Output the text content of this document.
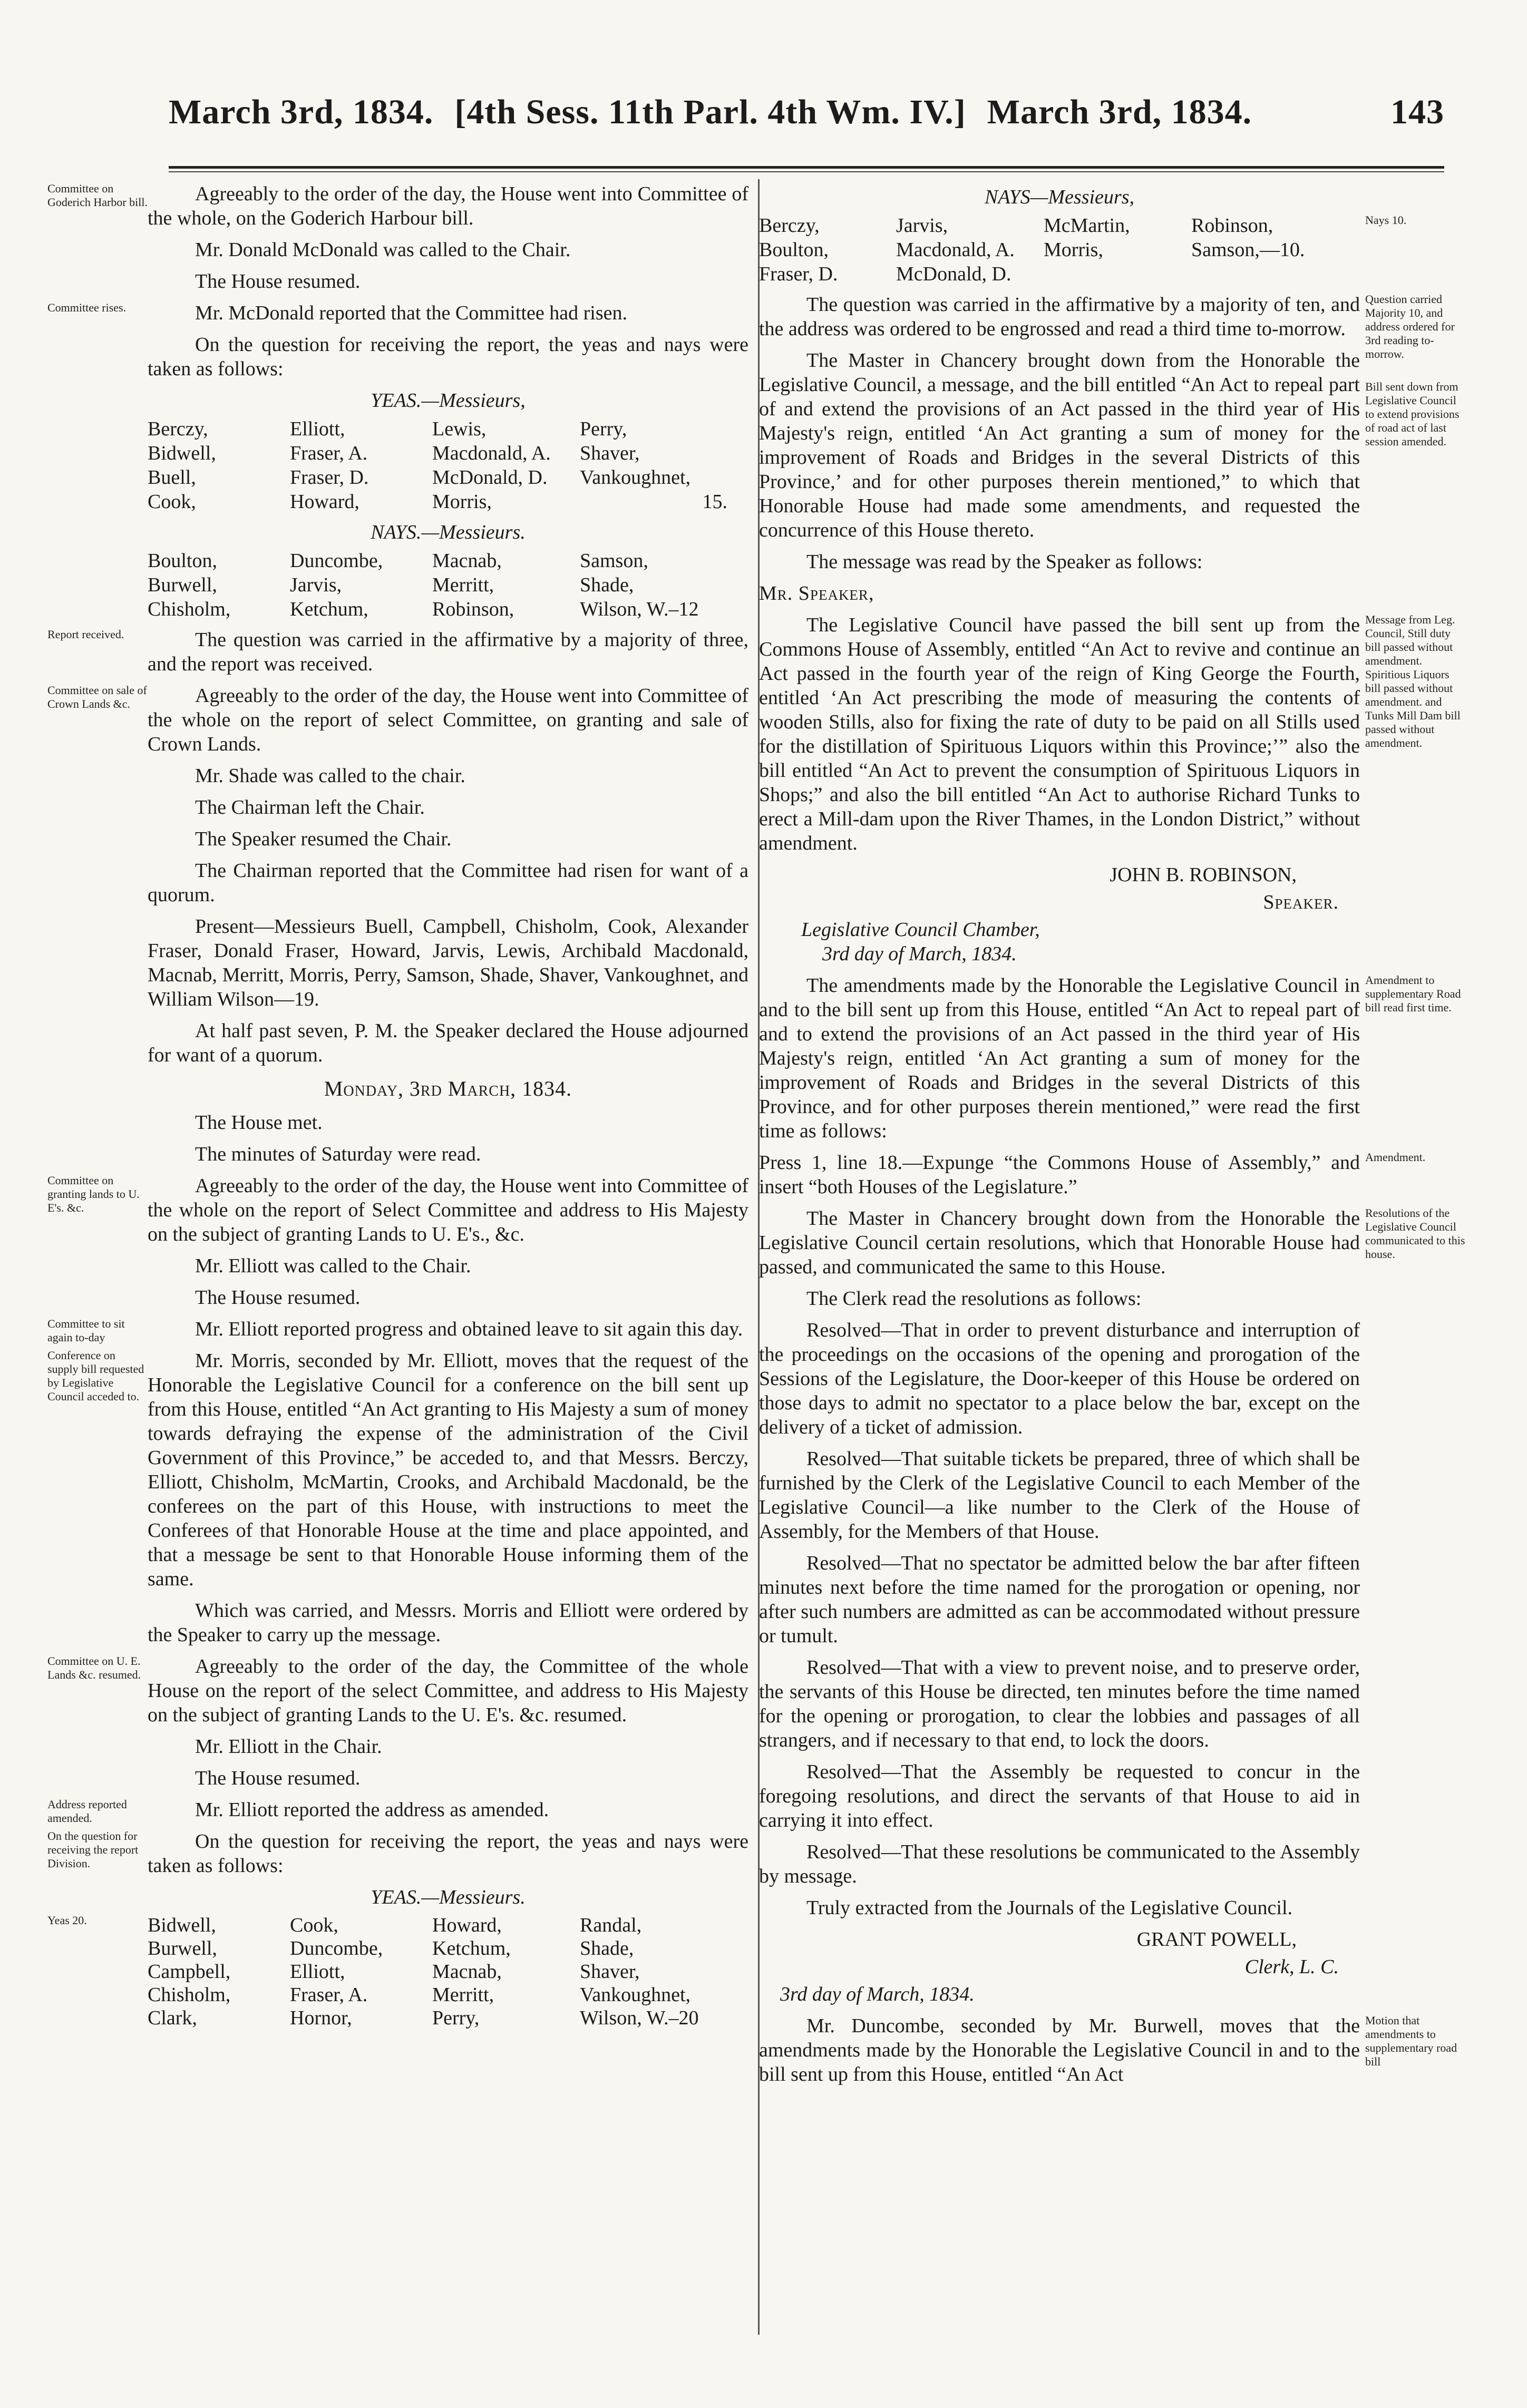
March 3rd, 1834. [4th Sess. 11th Parl. 4th Wm. IV.] March 3rd, 1834.	143
Committee on Goderich Harbor bill.	Agreeably to the order of the day, the House went into Committee of the whole, on the Goderich Harbour bill.

Mr. Donald McDonald was called to the Chair.

The House resumed.

Committee rises.	Mr. McDonald reported that the Committee had risen.

On the question for receiving the report, the yeas and nays were taken as follows:

YEAS.—Messieurs,
Berczy,	Elliott,	Lewis,	Perry,
Bidwell,	Fraser, A.	Macdonald, A.	Shaver,
Buell,	Fraser, D.	McDonald, D.	Vankoughnet,
Cook,	Howard,	Morris,	15.
NAYS.—Messieurs.
Boulton,	Duncombe,	Macnab,	Samson,
Burwell,	Jarvis,	Merritt,	Shade,
Chisholm,	Ketchum,	Robinson,	Wilson, W.–12
Report received.	The question was carried in the affirmative by a majority of three, and the report was received.

Committee on sale of Crown Lands &c.	Agreeably to the order of the day, the House went into Committee of the whole on the report of select Committee, on granting and sale of Crown Lands.

Mr. Shade was called to the chair.

The Chairman left the Chair.

The Speaker resumed the Chair.

The Chairman reported that the Committee had risen for want of a quorum.

Present—Messieurs Buell, Campbell, Chisholm, Cook, Alexander Fraser, Donald Fraser, Howard, Jarvis, Lewis, Archibald Macdonald, Macnab, Merritt, Morris, Perry, Samson, Shade, Shaver, Vankoughnet, and William Wilson—19.

At half past seven, P. M. the Speaker declared the House adjourned for want of a quorum.

Monday, 3rd March, 1834.

The House met.

The minutes of Saturday were read.

Committee on granting lands to U. E's. &c.

Agreeably to the order of the day, the House went into Committee of the whole on the report of Select Committee and address to His Majesty on the subject of granting Lands to U. E's., &c.

Mr. Elliott was called to the Chair.

The House resumed.

Committee to sit again to-day	Mr. Elliott reported progress and obtained leave to sit again this day.

Conference on supply bill requested by Legislative Council acceded to.

Mr. Morris, seconded by Mr. Elliott, moves that the request of the Honorable the Legislative Council for a conference on the bill sent up from this House, entitled “An Act granting to His Majesty a sum of money towards defraying the expense of the administration of the Civil Government of this Province,” be acceded to, and that Messrs. Berczy, Elliott, Chisholm, McMartin, Crooks, and Archibald Macdonald, be the conferees on the part of this House, with instructions to meet the Conferees of that Honorable House at the time and place appointed, and that a message be sent to that Honorable House informing them of the same.

Which was carried, and Messrs. Morris and Elliott were ordered by the Speaker to carry up the message.

Committee on U. E. Lands &c. resumed.	Agreeably to the order of the day, the Committee of the whole House on the report of the select Committee, and address to His Majesty on the subject of granting Lands to the U. E's. &c. resumed.

Mr. Elliott in the Chair.

The House resumed.

Address reported amended.	Mr. Elliott reported the address as amended.

On the question for receiving the report Division.

On the question for receiving the report, the yeas and nays were taken as follows:

YEAS.—Messieurs.
Yeas 20.	Bidwell,	Cook,	Howard,	Randal,
Burwell,	Duncombe,	Ketchum,	Shade,
Campbell,	Elliott,	Macnab,	Shaver,
Chisholm,	Fraser, A.	Merritt,	Vankoughnet,
Clark,	Hornor,	Perry,	Wilson, W.–20
NAYS—Messieurs,
Nays 10.
Berczy,	Jarvis,	McMartin,	Robinson,
Boulton,	Macdonald, A.	Morris,	Samson,—10.
Fraser, D.	McDonald, D.
Question carried Majority 10, and address ordered for 3rd reading to-morrow.

The question was carried in the affirmative by a majority of ten, and the address was ordered to be engrossed and read a third time to-morrow.

Bill sent down from Legislative Council to extend provisions of road act of last session amended.

The Master in Chancery brought down from the Honorable the Legislative Council, a message, and the bill entitled “An Act to repeal part of and extend the provisions of an Act passed in the third year of His Majesty's reign, entitled ‘An Act granting a sum of money for the improvement of Roads and Bridges in the several Districts of this Province,’ and for other purposes therein mentioned,” to which that Honorable House had made some amendments, and requested the concurrence of this House thereto.

The message was read by the Speaker as follows:

Mr. Speaker,

Message from Leg. Council, Still duty bill passed without amendment. Spiritious Liquors bill passed without amendment. and Tunks Mill Dam bill passed without amendment.

The Legislative Council have passed the bill sent up from the Commons House of Assembly, entitled “An Act to revive and continue an Act passed in the fourth year of the reign of King George the Fourth, entitled ‘An Act prescribing the mode of measuring the contents of wooden Stills, also for fixing the rate of duty to be paid on all Stills used for the distillation of Spirituous Liquors within this Province;’” also the bill entitled “An Act to prevent the consumption of Spirituous Liquors in Shops;” and also the bill entitled “An Act to authorise Richard Tunks to erect a Mill-dam upon the River Thames, in the London District,” without amendment.

JOHN B. ROBINSON,

Speaker.

Legislative Council Chamber,
3rd day of March, 1834.
Amendment to supplementary Road bill read first time.

The amendments made by the Honorable the Legislative Council in and to the bill sent up from this House, entitled “An Act to repeal part of and to extend the provisions of an Act passed in the third year of His Majesty's reign, entitled ‘An Act granting a sum of money for the improvement of Roads and Bridges in the several Districts of this Province, and for other purposes therein mentioned,” were read the first time as follows:

Amendment.

Press 1, line 18.—Expunge “the Commons House of Assembly,” and insert “both Houses of the Legislature.”

Resolutions of the Legislative Council communicated to this house.

The Master in Chancery brought down from the Honorable the Legislative Council certain resolutions, which that Honorable House had passed, and communicated the same to this House.

The Clerk read the resolutions as follows:

Resolved—That in order to prevent disturbance and interruption of the proceedings on the occasions of the opening and prorogation of the Sessions of the Legislature, the Door-keeper of this House be ordered on those days to admit no spectator to a place below the bar, except on the delivery of a ticket of admission.

Resolved—That suitable tickets be prepared, three of which shall be furnished by the Clerk of the Legislative Council to each Member of the Legislative Council—a like number to the Clerk of the House of Assembly, for the Members of that House.

Resolved—That no spectator be admitted below the bar after fifteen minutes next before the time named for the prorogation or opening, nor after such numbers are admitted as can be accommodated without pressure or tumult.

Resolved—That with a view to prevent noise, and to preserve order, the servants of this House be directed, ten minutes before the time named for the opening or prorogation, to clear the lobbies and passages of all strangers, and if necessary to that end, to lock the doors.

Resolved—That the Assembly be requested to concur in the foregoing resolutions, and direct the servants of that House to aid in carrying it into effect.

Resolved—That these resolutions be communicated to the Assembly by message.

Truly extracted from the Journals of the Legislative Council.

GRANT POWELL,

Clerk, L. C.

3rd day of March, 1834.

Motion that amendments to supplementary road bill

Mr. Duncombe, seconded by Mr. Burwell, moves that the amendments made by the Honorable the Legislative Council in and to the bill sent up from this House, entitled “An Act
